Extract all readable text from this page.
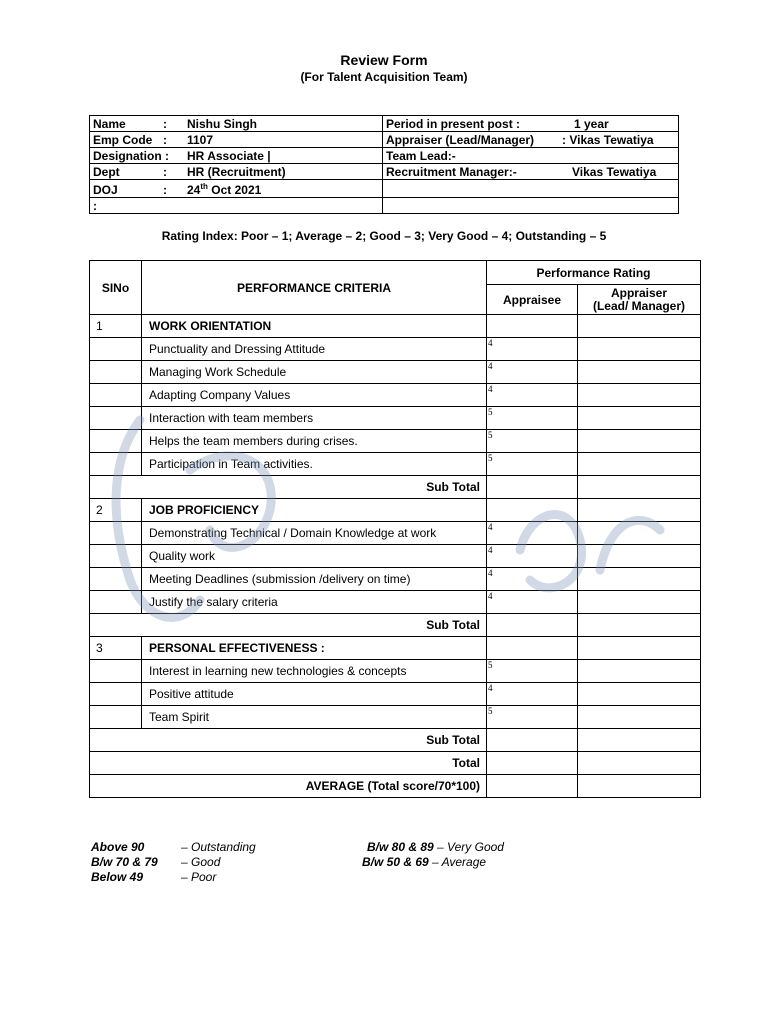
Review Form
(For Talent Acquisition Team)
Name : Nishu Singh	Period in present post : 1 year
Emp Code : 1107	Appraiser (Lead/Manager) : Vikas Tewatiya
Designation : HR Associate |	Team Lead:-
Dept : HR (Recruitment)	Recruitment Manager:- Vikas Tewatiya
DOJ : 24th Oct 2021	
:	
Rating Index: Poor – 1; Average – 2; Good – 3; Very Good – 4; Outstanding – 5
SINo	PERFORMANCE CRITERIA	Performance Rating	
		Appraisee	Appraiser
(Lead/ Manager)
1	WORK ORIENTATION		
	Punctuality and Dressing Attitude	4	
	Managing Work Schedule	4	
	Adapting Company Values	4	
	Interaction with team members	5	
	Helps the team members during crises.	5	
	Participation in Team activities.	5	
Sub Total			
2	JOB PROFICIENCY		
	Demonstrating Technical / Domain Knowledge at work	4	
	Quality work	4	
	Meeting Deadlines (submission /delivery on time)	4	
	Justify the salary criteria	4	
Sub Total			
3	PERSONAL EFFECTIVENESS :		
	Interest in learning new technologies & concepts	5	
	Positive attitude	4	
	Team Spirit	5	
Sub Total			
Total			
AVERAGE (Total score/70*100)			
Above 90	– Outstanding	B/w 80 & 89 – Very Good
B/w 70 & 79 – Good	B/w 50 & 69 – Average
Below 49	– Poor
